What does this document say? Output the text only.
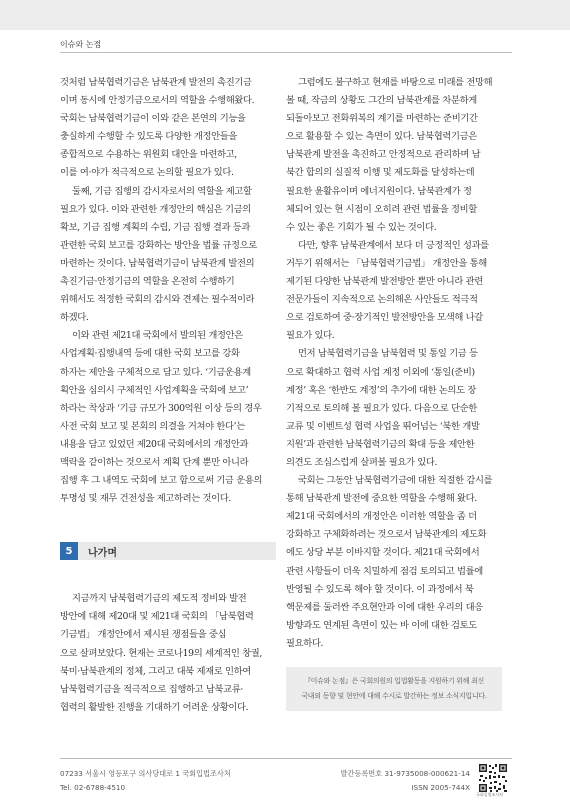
이슈와 논점

것처럼 남북협력기금은 남북관계 발전의 촉진기금
이며 동시에 안정기금으로서의 역할을 수행해왔다.
국회는 남북협력기금이 이와 같은 본연의 기능을
충실하게 수행할 수 있도록 다양한 개정안들을
종합적으로 수용하는 위원회 대안을 마련하고,
이를 여·야가 적극적으로 논의할 필요가 있다.

둘째, 기금 집행의 감시자로서의 역할을 제고할
필요가 있다. 이와 관련한 개정안의 핵심은 기금의
확보, 기금 집행 계획의 수립, 기금 집행 결과 등과
관련한 국회 보고를 강화하는 방안을 법률 규정으로
마련하는 것이다. 남북협력기금이 남북관계 발전의
촉진기금·안정기금의 역할을 온전히 수행하기
위해서도 적정한 국회의 감시와 견제는 필수적이라
하겠다.

이와 관련 제21대 국회에서 발의된 개정안은
사업계획·집행내역 등에 대한 국회 보고를 강화
하자는 제안을 구체적으로 담고 있다. ‘기금운용계
획안을 심의시 구체적인 사업계획을 국회에 보고’
하라는 착상과 ‘기금 규모가 300억원 이상 등의 경우
사전 국회 보고 및 본회의 의결을 거쳐야 한다’는
내용을 담고 있었던 제20대 국회에서의 개정안과
맥락을 같이하는 것으로서 계획 단계 뿐만 아니라
집행 후 그 내역도 국회에 보고 함으로써 기금 운용의
투명성 및 재무 건전성을 제고하려는 것이다.

5	나가며

지금까지 남북협력기금의 제도적 정비와 발전
방안에 대해 제20대 및 제21대 국회의 「남북협력
기금법」 개정안에서 제시된 쟁점들을 중심
으로 살펴보았다. 현재는 코로나19의 세계적인 창궐,
북미·남북관계의 정체, 그리고 대북 제재로 인하여
남북협력기금을 적극적으로 집행하고 남북교류·
협력의 활발한 진행을 기대하기 어려운 상황이다.

그럼에도 불구하고 현재를 바탕으로 미래를 전망해
볼 때, 작금의 상황도 그간의 남북관계를 차분하게
되돌아보고 전화위복의 계기를 마련하는 준비기간
으로 활용할 수 있는 측면이 있다. 남북협력기금은
남북관계 발전을 촉진하고 안정적으로 관리하며 남
북간 합의의 실질적 이행 및 제도화를 달성하는데
필요한 윤활유이며 에너지원이다. 남북관계가 정
체되어 있는 현 시점이 오히려 관련 법률을 정비할
수 있는 좋은 기회가 될 수 있는 것이다.

다만, 향후 남북관계에서 보다 더 긍정적인 성과를
거두기 위해서는 「남북협력기금법」 개정안을 통해
제기된 다양한 남북관계 발전방안 뿐만 아니라 관련
전문가들이 지속적으로 논의해온 사안들도 적극적
으로 검토하여 중·장기적인 발전방안을 모색해 나갈
필요가 있다.

먼저 남북협력기금을 남북협력 및 통일 기금 등
으로 확대하고 협력 사업 계정 이외에 ‘통일(준비)
계정’ 혹은 ‘한반도 계정’의 추가에 대한 논의도 장
기적으로 토의해 볼 필요가 있다. 다음으로 단순한
교류 및 이벤트성 협력 사업을 뛰어넘는 ‘북한 개발
지원’과 관련한 남북협력기금의 확대 등을 제안한
의견도 조심스럽게 살펴볼 필요가 있다.

국회는 그동안 남북협력기금에 대한 적절한 감시를
통해 남북관계 발전에 중요한 역할을 수행해 왔다.
제21대 국회에서의 개정안은 이러한 역할을 좀 더
강화하고 구체화하려는 것으로서 남북관계의 제도화
에도 상당 부분 이바지할 것이다. 제21대 국회에서
관련 사항들이 더욱 치밀하게 점검 토의되고 법률에
반영될 수 있도록 해야 할 것이다. 이 과정에서 북
핵문제를 둘러싼 주요현안과 이에 대한 우리의 대응
방향과도 연계된 측면이 있는 바 이에 대한 검토도
필요하다.

『이슈와 논점』은 국회의원의 입법활동을 지원하기 위해 최신
국내외 동향 및 현안에 대해 수시로 발간하는 정보 소식지입니다.
07233 서울시 영등포구 의사당대로 1 국회입법조사처
Tel. 02-6788-4510
발간등록번호 31-9735008-000621-14
ISSN 2005-744X
국회입법조사처
